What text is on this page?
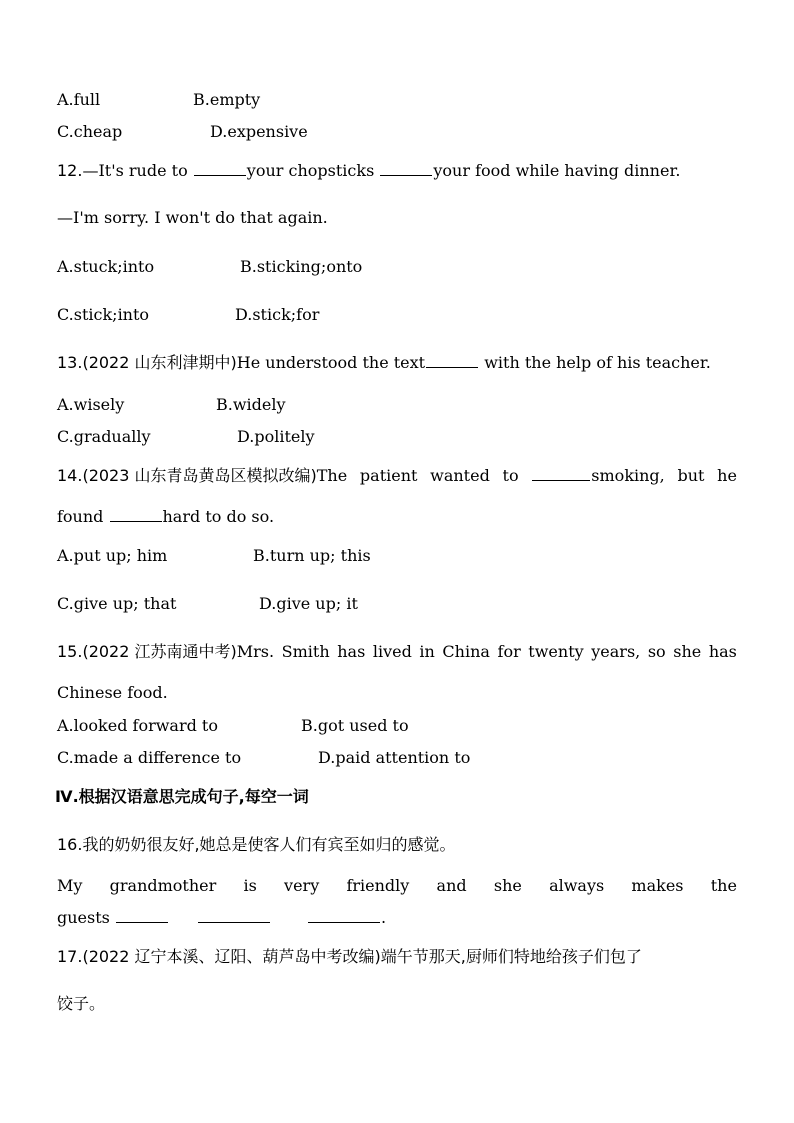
A.full	B.empty
C.cheap	D.expensive
12.—It's rude to	your chopsticks	your food while having dinner.
—I'm sorry. I won't do that again.
A.stuck;into	B.sticking;onto
C.stick;into	D.stick;for
13.(2022 山东利津期中)He understood the text	with the help of his teacher.
A.wisely	B.widely
C.gradually	D.politely
14.(2023 山东青岛黄岛区模拟改编)The patient wanted to	smoking, but he
found	hard to do so.
A.put up; him	B.turn up; this
C.give up; that	D.give up; it
15.(2022 江苏南通中考)Mrs. Smith has lived in China for twenty years, so she has
Chinese food.
A.looked forward to	B.got used to
C.made a difference to	D.paid attention to
Ⅳ.根据汉语意思完成句子,每空一词
16.我的奶奶很友好,她总是使客人们有宾至如归的感觉。
My grandmother is very friendly and she always makes the
guests	.
17.(2022 辽宁本溪、辽阳、葫芦岛中考改编)端午节那天,厨师们特地给孩子们包了
饺子。
